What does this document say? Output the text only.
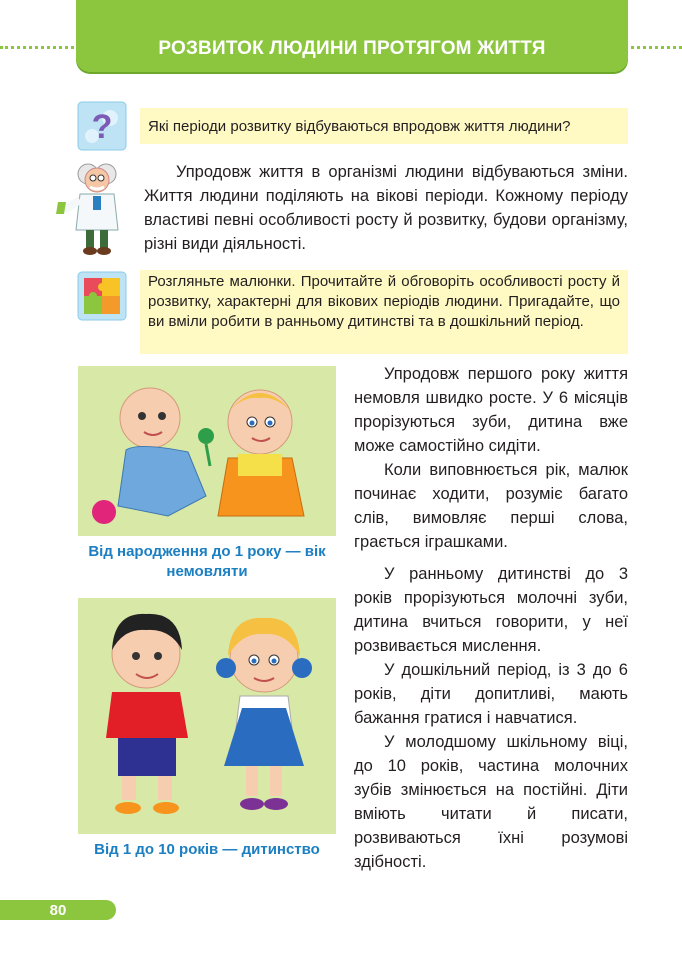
РОЗВИТОК ЛЮДИНИ ПРОТЯГОМ ЖИТТЯ
? Які періоди розвитку відбуваються впродовж життя людини?

Упродовж життя в організмі людини відбуваються зміни. Життя людини поділяють на вікові періоди. Кожному періоду властиві певні особливості росту й розвитку, будови організму, різні види діяльності.

Розгляньте малюнки. Прочитайте й обговоріть особливості росту й розвитку, характерні для вікових періодів людини. Пригадайте, що ви вміли робити в ранньому дитинстві та в дошкільний період.

Від народження до 1 року — вік немовляти
Від 1 до 10 років — дитинство

Упродовж першого року життя немовля швидко росте. У 6 місяців прорізуються зуби, дитина вже може самостійно сидіти.

Коли виповнюється рік, малюк починає ходити, розуміє багато слів, вимовляє перші слова, грається іграшками.

У ранньому дитинстві до 3 років прорізуються молочні зуби, дитина вчиться говорити, у неї розвивається мислення.

У дошкільний період, із 3 до 6 років, діти допитливі, мають бажання гратися і навчатися.

У молодшому шкільному віці, до 10 років, частина молочних зубів змінюється на постійні. Діти вміють читати й писати, розвиваються їхні розумові здібності.

80
